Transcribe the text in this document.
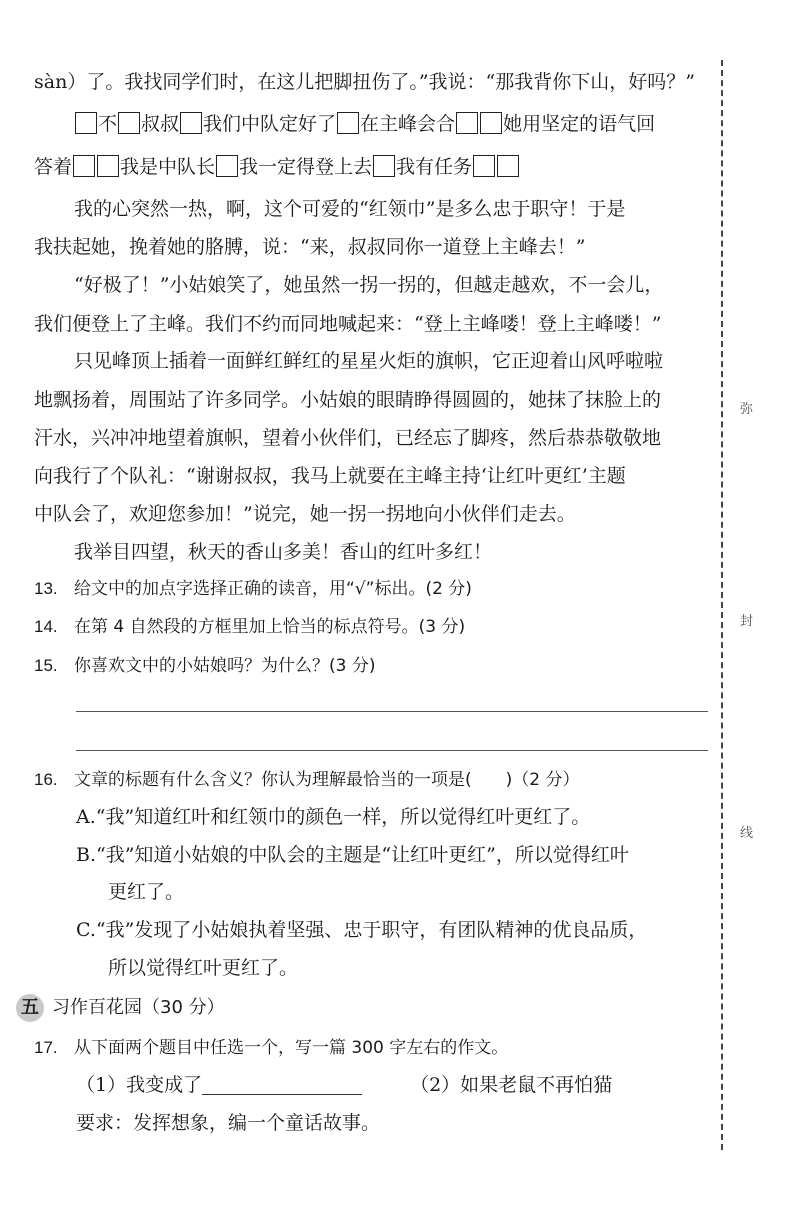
sàn）了。我找同学们时，在这儿把脚扭伤了。”我说：“那我背你下山，好吗？”
不 叔叔 我们中队定好了 在主峰会合	她用坚定的语气回
答着	我是中队长 我一定得登上去 我有任务
我的心突然一热，啊，这个可爱的“红领巾”是多么忠于职守！于是
我扶起她，挽着她的胳膊，说：“来，叔叔同你一道登上主峰去！”
“好极了！”小姑娘笑了，她虽然一拐一拐的，但越走越欢，不一会儿，
我们便登上了主峰。我们不约而同地喊起来：“登上主峰喽！登上主峰喽！”
只见峰顶上插着一面鲜红鲜红的星星火炬的旗帜，它正迎着山风呼啦啦
地飘扬着，周围站了许多同学。小姑娘的眼睛睁得圆圆的，她抹了抹脸上的
汗水，兴冲冲地望着旗帜，望着小伙伴们，已经忘了脚疼，然后恭恭敬敬地
向我行了个队礼：“谢谢叔叔，我马上就要在主峰主持‘让红叶更红’主题
中队会了，欢迎您参加！”说完，她一拐一拐地向小伙伴们走去。
我举目四望，秋天的香山多美！香山的红叶多红！
13. 给文中的加点字选择正确的读音，用“√”标出。(2 分)
14. 在第 4 自然段的方框里加上恰当的标点符号。(3 分)
15. 你喜欢文中的小姑娘吗？为什么？(3 分)
16. 文章的标题有什么含义？你认为理解最恰当的一项是(　　)（2 分）
A.“我”知道红叶和红领巾的颜色一样，所以觉得红叶更红了。
B.“我”知道小姑娘的中队会的主题是“让红叶更红”，所以觉得红叶
更红了。
C.“我”发现了小姑娘执着坚强、忠于职守，有团队精神的优良品质，
所以觉得红叶更红了。
五 习作百花园（30 分）
17. 从下面两个题目中任选一个，写一篇 300 字左右的作文。
（1）我变成了	（2）如果老鼠不再怕猫
要求：发挥想象，编一个童话故事。
弥
封
线
